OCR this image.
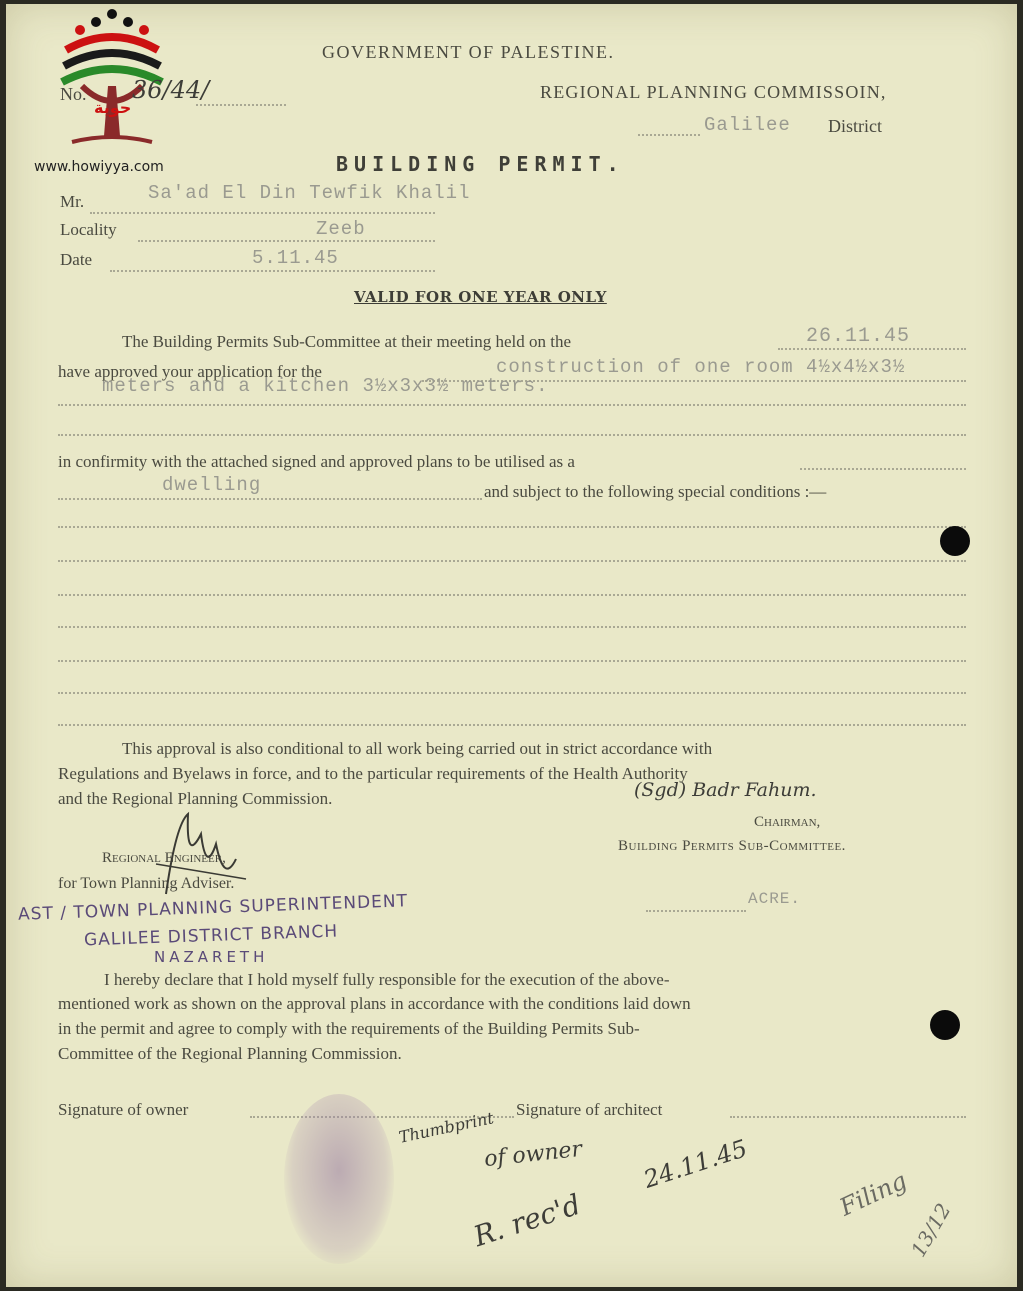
حوية
www.howiyya.com
GOVERNMENT OF PALESTINE.
REGIONAL PLANNING COMMISSOIN,
No. 36/44/
Galilee District
BUILDING PERMIT.
Mr.	Sa'ad El Din Tewfik Khalil
Locality	Zeeb
Date	5.11.45
VALID FOR ONE YEAR ONLY
The Building Permits Sub-Committee at their meeting held on the	26.11.45
have approved your application for the	construction of one room 4½x4½x3½
meters and a kitchen 3½x3x3½ meters.
in confirmity with the attached signed and approved plans to be utilised as a
dwelling	and subject to the following special conditions :—
This approval is also conditional to all work being carried out in strict accordance with
Regulations and Byelaws in force, and to the particular requirements of the Health Authority
and the Regional Planning Commission.	(Sgd) Badr Fahum.
Chairman,
Building Permits Sub-Committee.
ACRE.
Regional Engineer,
for Town Planning Adviser.
AST / TOWN PLANNING SUPERINTENDENT
GALILEE DISTRICT BRANCH
NAZARETH
I hereby declare that I hold myself fully responsible for the execution of the above-
mentioned work as shown on the approval plans in accordance with the conditions laid down
in the permit and agree to comply with the requirements of the Building Permits Sub-
Committee of the Regional Planning Commission.
Signature of owner	Signature of architect
Thumbprint
of owner
R. rec'd
24.11.45
Filing
13/12
